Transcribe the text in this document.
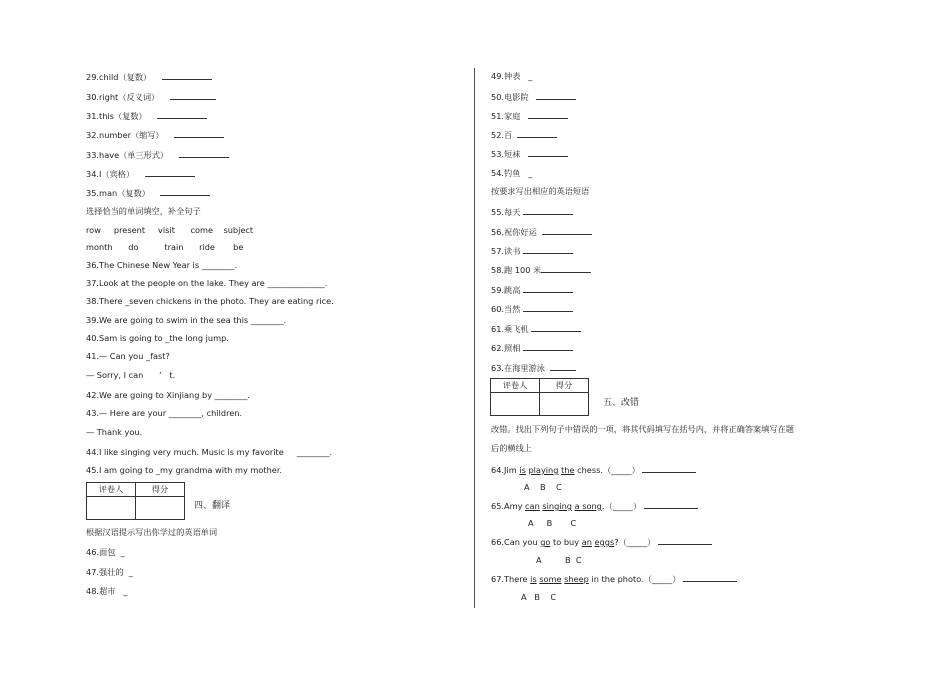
29.child（复数）
30.right（反义词）
31.this（复数）
32.number（缩写）
33.have（单三形式）
34.I（宾格）
35.man（复数）
选择恰当的单词填空，补全句子
row     present     visit      come    subject
month      do          train      ride       be
36.The Chinese New Year is ________.
37.Look at the people on the lake. They are ______________.
38.There _seven chickens in the photo. They are eating rice.
39.We are going to swim in the sea this ________.
40.Sam is going to _the long jump.
41.— Can you _fast?
— Sorry, I can      ’   t.
42.We are going to Xinjiang by ________.
43.— Here are your ________, children.
— Thank you.
44.I like singing very much. Music is my favorite     ________.
45.I am going to _my grandma with my mother.
评卷人	得分

四、翻译
根据汉语提示写出你学过的英语单词
46.面包  _
47.强壮的  _
48.超市   _
49.钟表   _
50.电影院
51.家庭
52.百
53.短袜
54.钓鱼   _
按要求写出相应的英语短语
55.每天
56.祝你好运
57.读书
58.跑 100 米
59.跳高
60.当然
61.乘飞机
62.照相
63.在海里游泳
评卷人	得分

五、改错
改错。找出下列句子中错误的一项，将其代码填写在括号内，并将正确答案填写在题
后的横线上
64.Jim is playing the chess.（_____）
A    B    C
65.Amy can singing a song.（_____）
A     B       C
66.Can you go to buy an eggs?（_____）
A         B  C
67.There is some sheep in the photo.（_____）
A   B    C
